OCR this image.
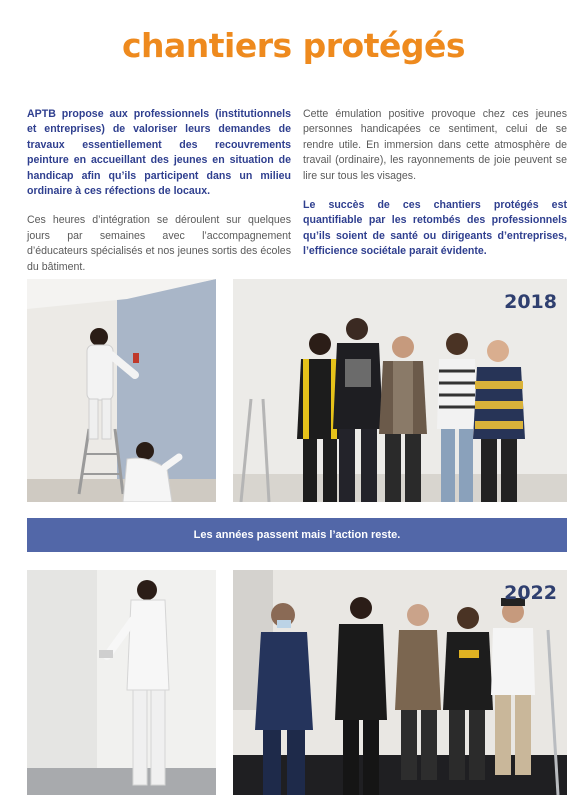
chantiers protégés

APTB propose aux professionnels (institutionnels et entreprises) de valoriser leurs demandes de travaux essentiellement des recouvrements peinture en accueillant des jeunes en situation de handicap afin qu’ils participent dans un milieu ordinaire à ces réfections de locaux.

Ces heures d’intégration se déroulent sur quelques jours par semaines avec l’accompagnement d’éducateurs spécialisés et nos jeunes sortis des écoles du bâtiment.

Cette émulation positive provoque chez ces jeunes personnes handicapées ce sentiment, celui de se rendre utile. En immersion dans cette atmosphère de travail (ordinaire), les rayonnements de joie peuvent se lire sur tous les visages.

Le succès de ces chantiers protégés est quantifiable par les retombés des professionnels qu’ils soient de santé ou dirigeants d’entreprises, l’efficience sociétale parait évidente.

2018
Les années passent mais l’action reste.
2022
